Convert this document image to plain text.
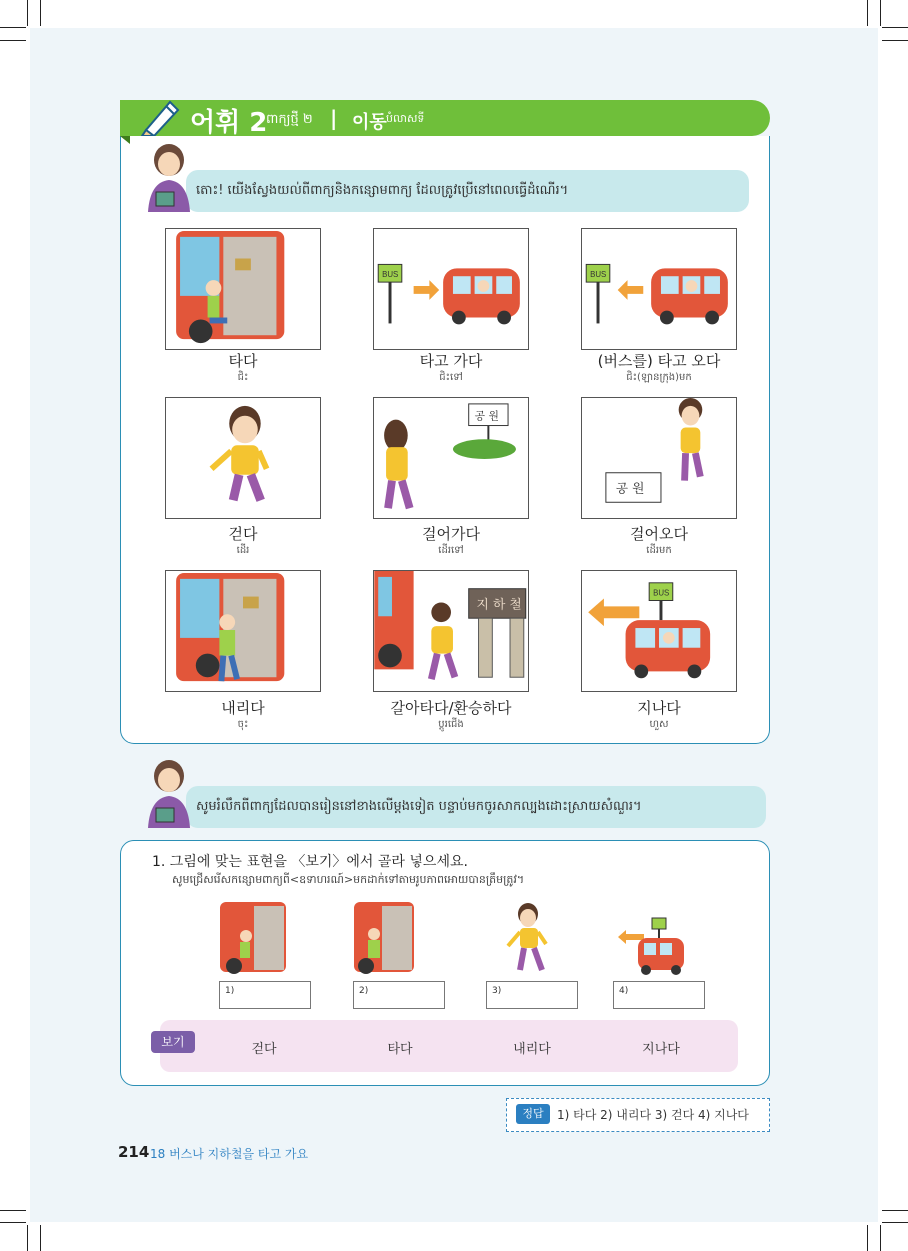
어휘 2
ពាក្យថ្មី ២ | 이동 បំលាសទី
តោះ! យើងស្វែងយល់ពីពាក្យនិងកន្សោមពាក្យ ដែលត្រូវប្រើនៅពេលធ្វើដំណើរ។
타다
ជិះ
BUS
타고 가다
ជិះទៅ
BUS
(버스를) 타고 오다
ជិះ(ឡានក្រុង)មក
걷다
ដើរ
공 원
걸어가다
ដើរទៅ
공 원
걸어오다
ដើរមក
내리다
ចុះ
지 하 철
갈아타다/환승하다
ប្ដូរជើង
BUS
지나다
ហួស
សូមរំលឹកពីពាក្យដែលបានរៀននៅខាងលើម្ដងទៀត បន្ទាប់មកចូរសាកល្បងដោះស្រាយសំណួរ។
1. 그림에 맞는 표현을 〈보기〉에서 골라 넣으세요.
សូមជ្រើសរើសកន្សោមពាក្យពី<ឧទាហរណ៍>មកដាក់ទៅតាមរូបភាពអោយបានត្រឹមត្រូវ។
1)	2)	3)	4)
보기	걷다	타다	내리다	지나다
정답	1) 타다 2) 내리다 3) 걷다 4) 지나다
214 18 버스나 지하철을 타고 가요
